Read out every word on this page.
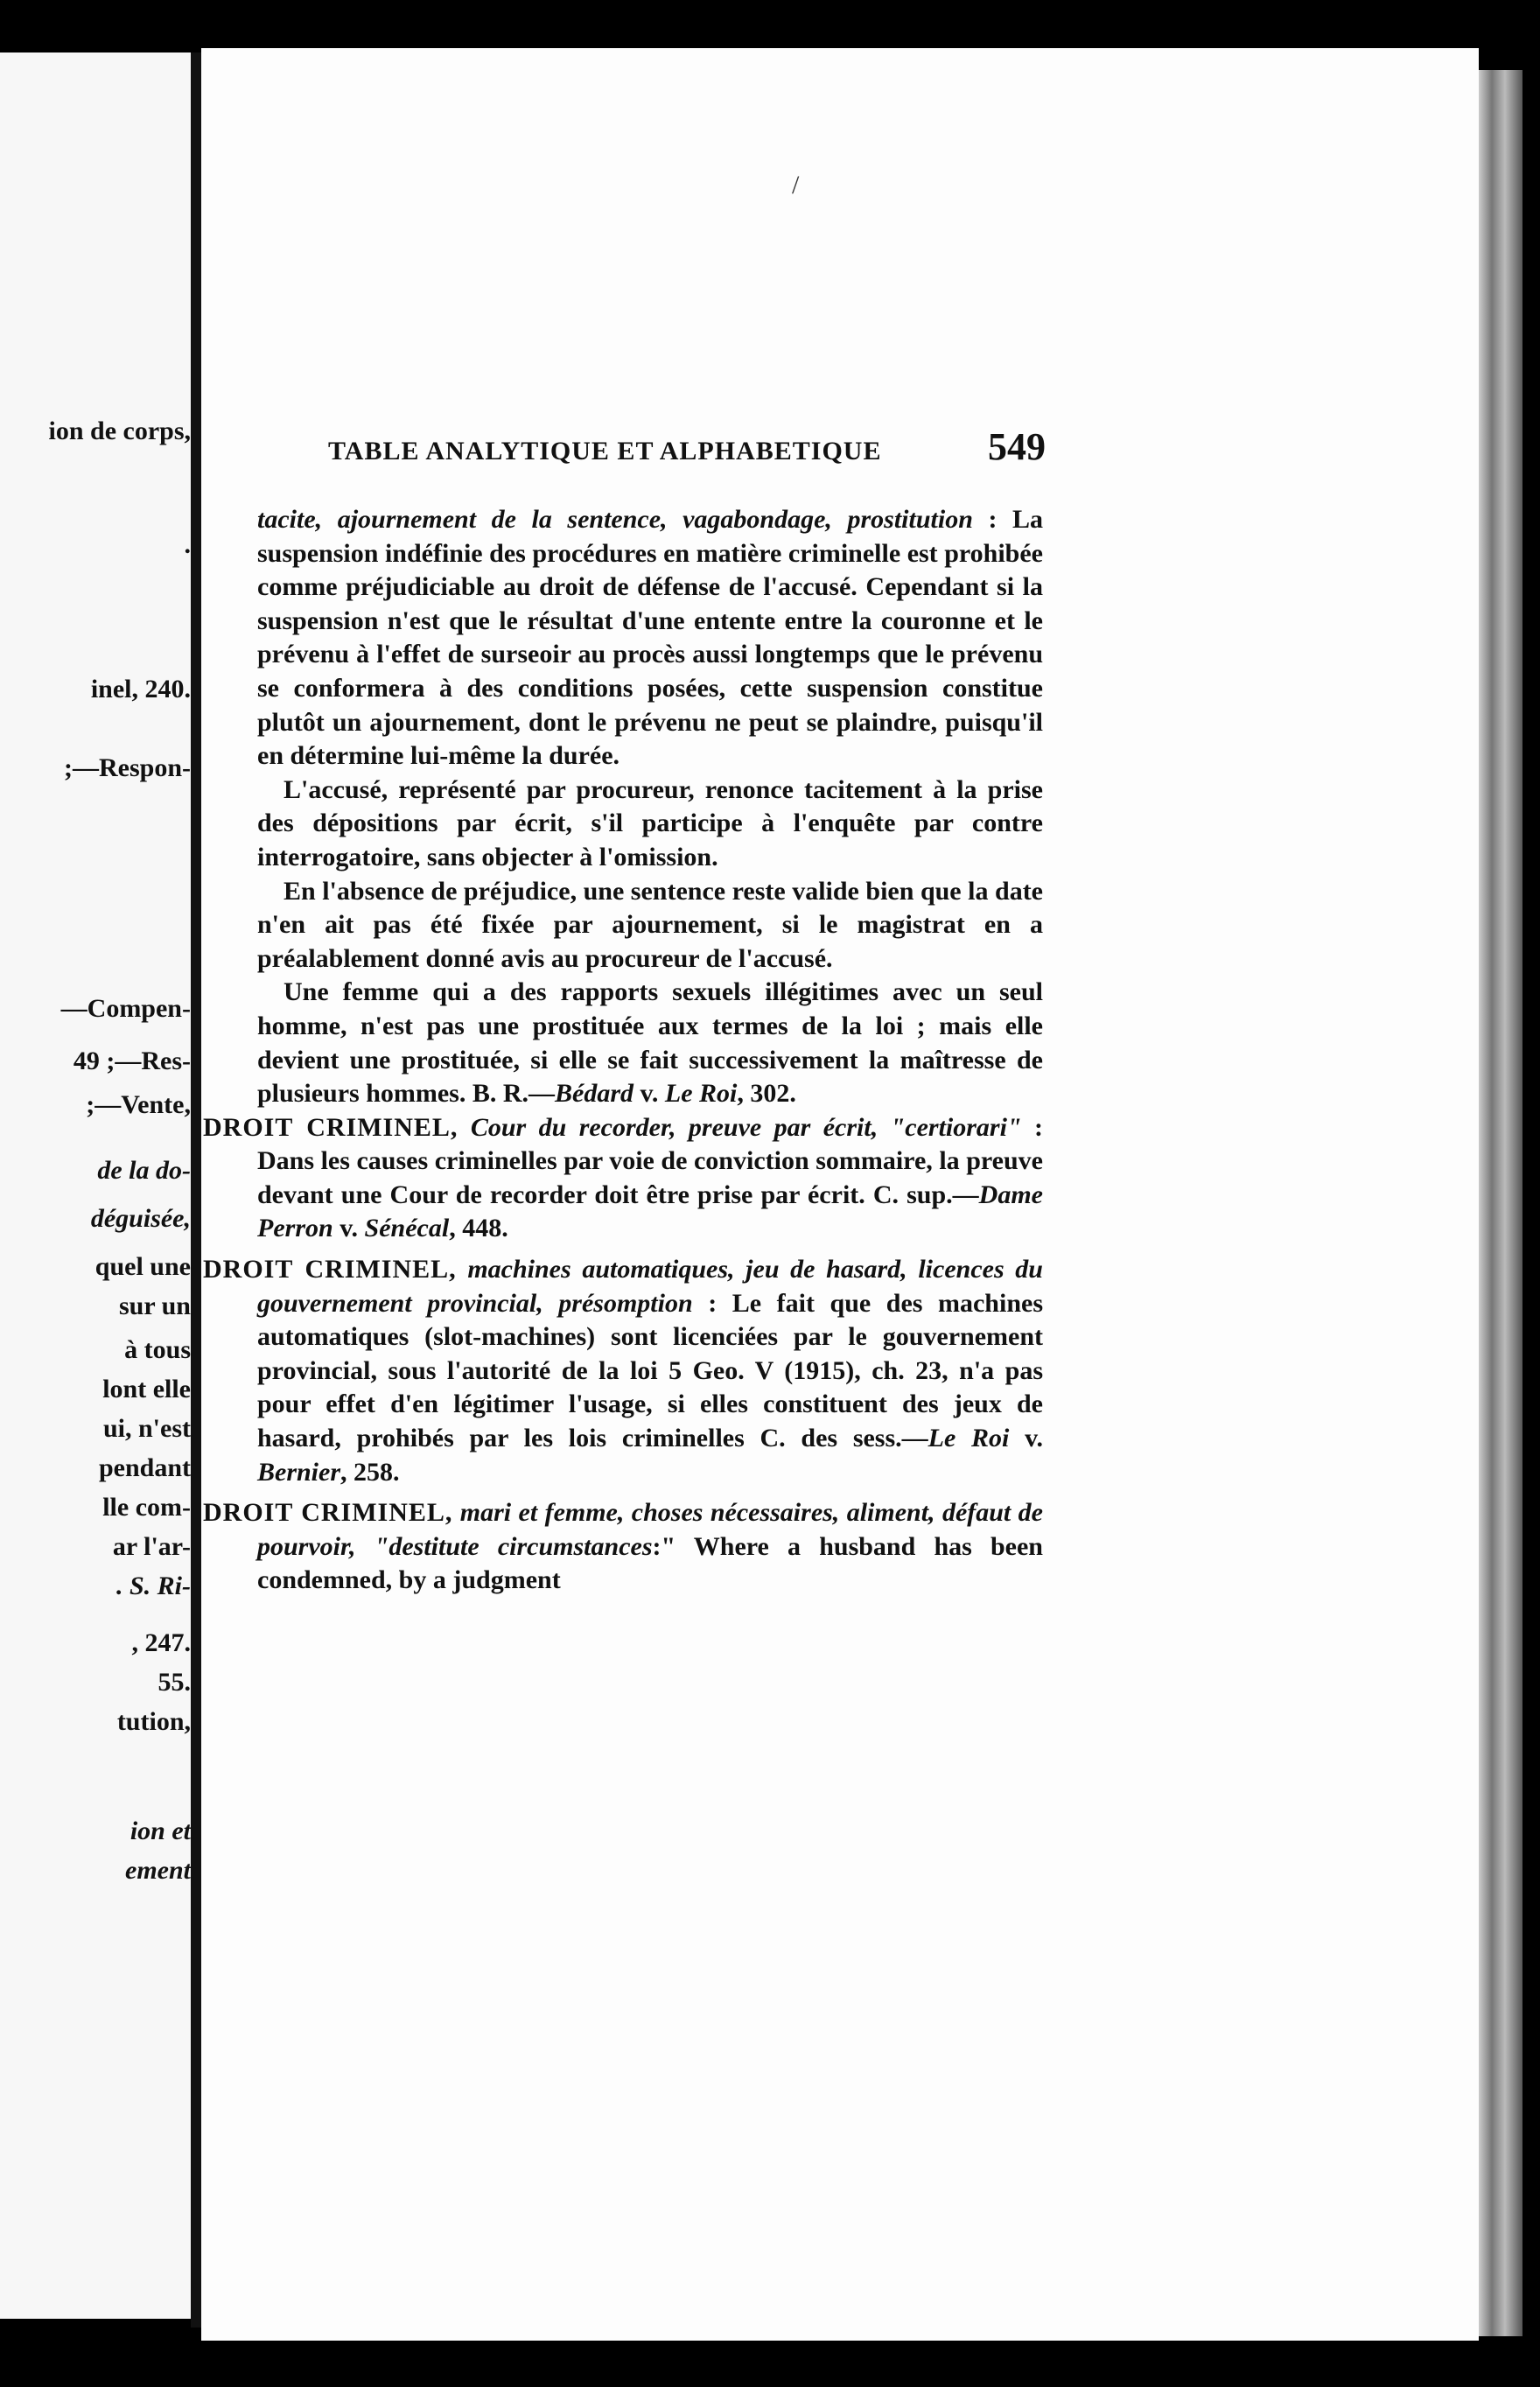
ion de corps,
.
inel, 240.
;—Respon-
—Compen-
49 ;—Res-
;—Vente,
de la do-
déguisée,
quel une
sur un
à tous
lont elle
ui, n'est
pendant
lle com-
ar l'ar-
. S. Ri-
, 247.
55.
tution,
ion et
ement
/
TABLE ANALYTIQUE ET ALPHABETIQUE	549

tacite, ajournement de la sentence, vagabondage, prostitution : La suspension indéfinie des procédures en matière criminelle est prohibée comme préjudiciable au droit de défense de l'accusé. Cependant si la suspension n'est que le résultat d'une entente entre la couronne et le prévenu à l'effet de surseoir au procès aussi longtemps que le prévenu se conformera à des conditions posées, cette suspension constitue plutôt un ajournement, dont le prévenu ne peut se plaindre, puisqu'il en détermine lui-même la durée.

L'accusé, représenté par procureur, renonce tacitement à la prise des dépositions par écrit, s'il participe à l'enquête par contre interrogatoire, sans objecter à l'omission.

En l'absence de préjudice, une sentence reste valide bien que la date n'en ait pas été fixée par ajournement, si le magistrat en a préalablement donné avis au procureur de l'accusé.

Une femme qui a des rapports sexuels illégitimes avec un seul homme, n'est pas une prostituée aux termes de la loi ; mais elle devient une prostituée, si elle se fait successivement la maîtresse de plusieurs hommes. B. R.—Bédard v. Le Roi, 302.

DROIT CRIMINEL, Cour du recorder, preuve par écrit, "certiorari" : Dans les causes criminelles par voie de conviction sommaire, la preuve devant une Cour de recorder doit être prise par écrit. C. sup.—Dame Perron v. Sénécal, 448.

DROIT CRIMINEL, machines automatiques, jeu de hasard, licences du gouvernement provincial, présomption : Le fait que des machines automatiques (slot-machines) sont licenciées par le gouvernement provincial, sous l'autorité de la loi 5 Geo. V (1915), ch. 23, n'a pas pour effet d'en légitimer l'usage, si elles constituent des jeux de hasard, prohibés par les lois criminelles C. des sess.—Le Roi v. Bernier, 258.

DROIT CRIMINEL, mari et femme, choses nécessaires, aliment, défaut de pourvoir, "destitute circumstances:" Where a husband has been condemned, by a judgment
